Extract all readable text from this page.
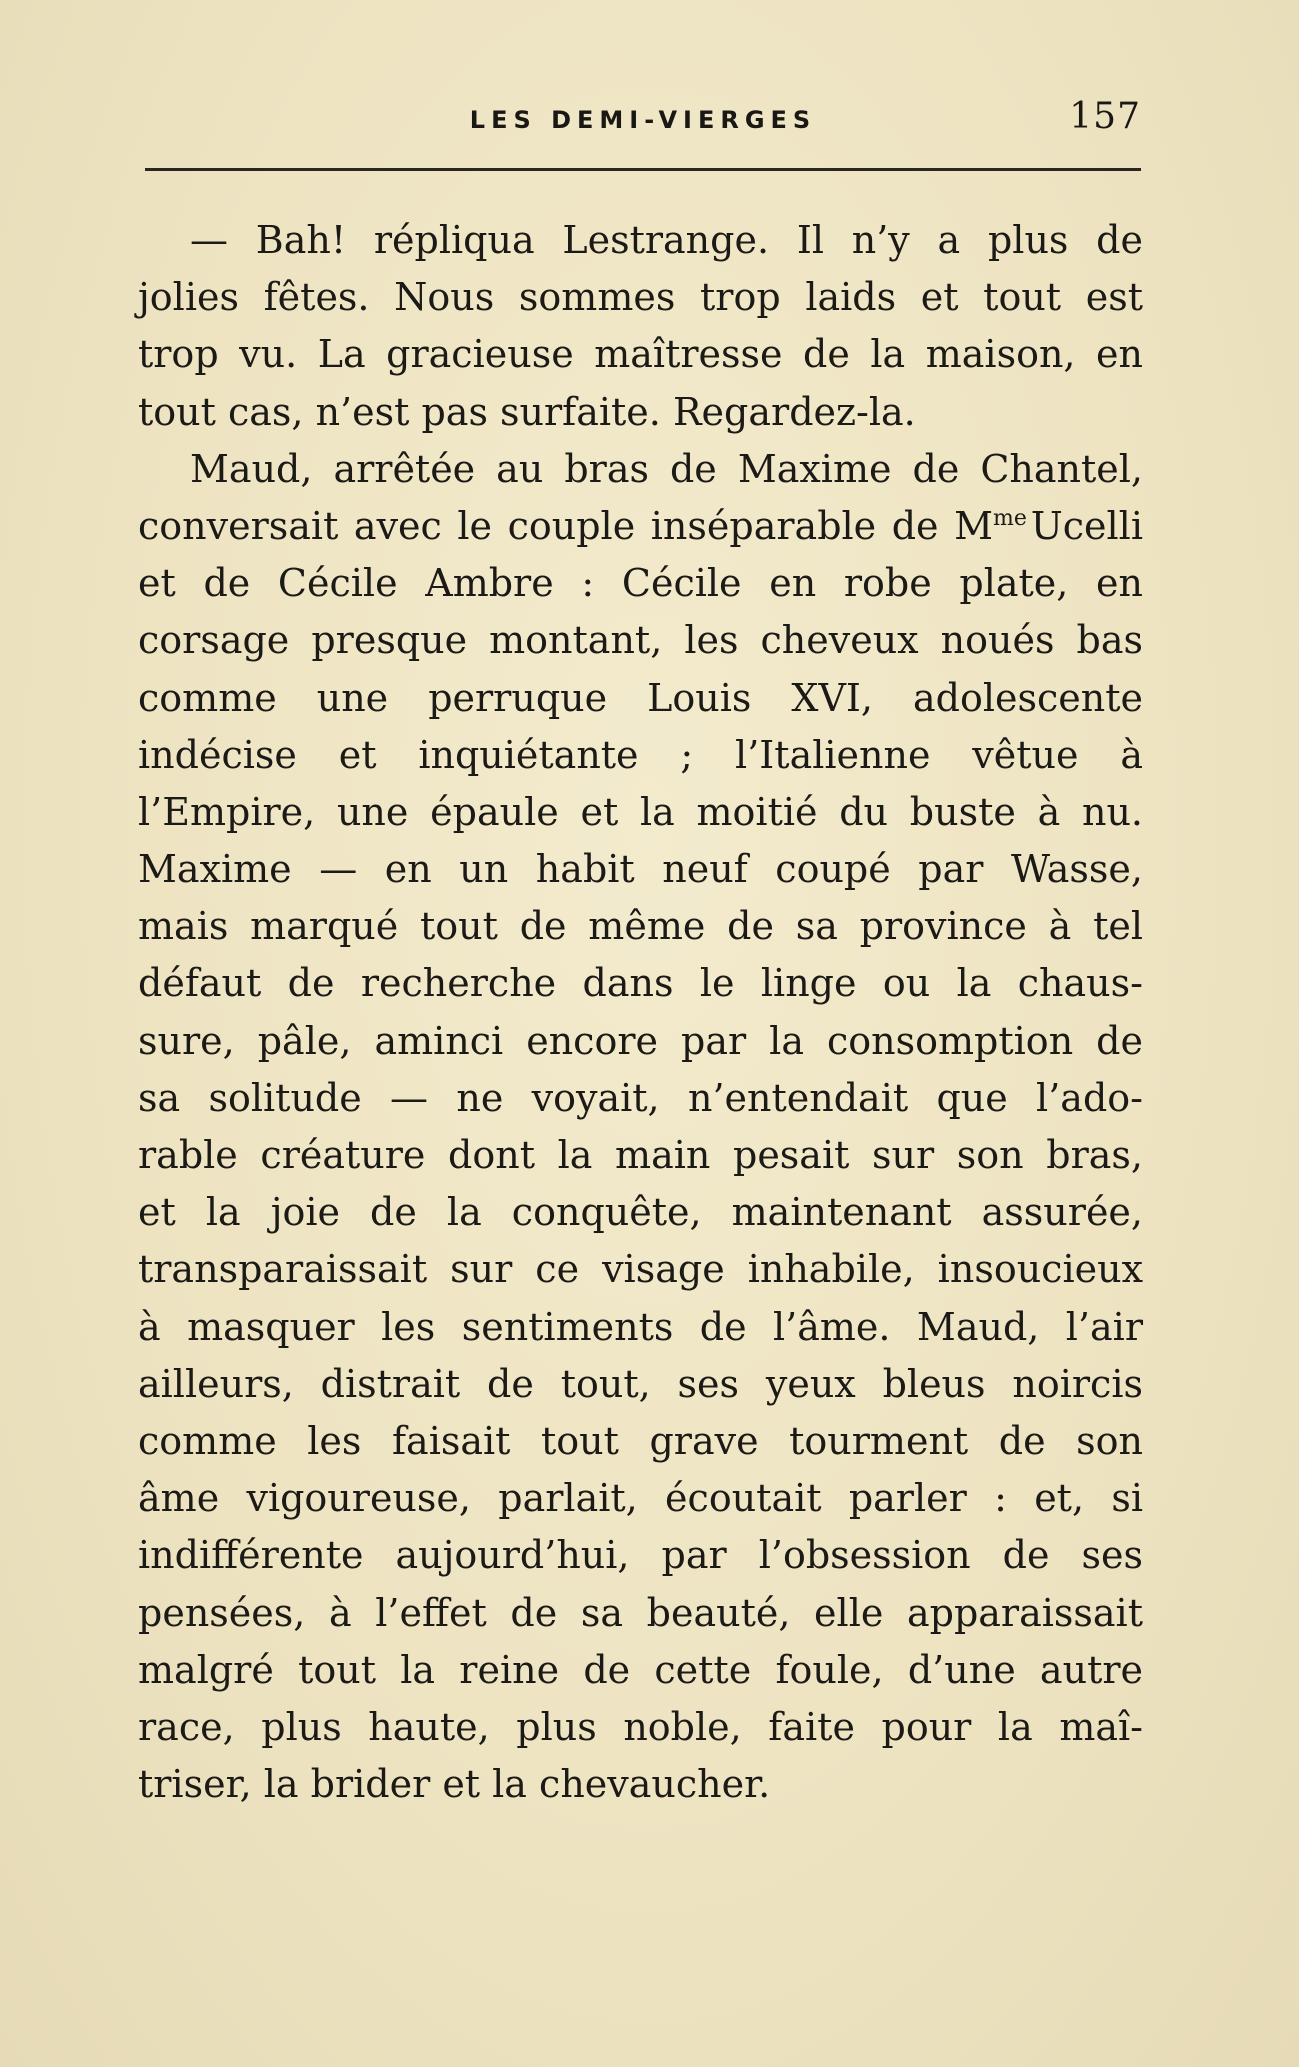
LES DEMI-VIERGES	157
— Bah! répliqua Lestrange. Il n’y a plus de
jolies fêtes. Nous sommes trop laids et tout est
trop vu. La gracieuse maîtresse de la maison, en
tout cas, n’est pas surfaite. Regardez-la.
Maud, arrêtée au bras de Maxime de Chantel,
conversait avec le couple inséparable de $M^{me}$ Ucelli
et de Cécile Ambre : Cécile en robe plate, en
corsage presque montant, les cheveux noués bas
comme une perruque Louis XVI, adolescente
indécise et inquiétante ; l’Italienne vêtue à
l’Empire, une épaule et la moitié du buste à nu.
Maxime — en un habit neuf coupé par Wasse,
mais marqué tout de même de sa province à tel
défaut de recherche dans le linge ou la chaus-
sure, pâle, aminci encore par la consomption de
sa solitude — ne voyait, n’entendait que l’ado-
rable créature dont la main pesait sur son bras,
et la joie de la conquête, maintenant assurée,
transparaissait sur ce visage inhabile, insoucieux
à masquer les sentiments de l’âme. Maud, l’air
ailleurs, distrait de tout, ses yeux bleus noircis
comme les faisait tout grave tourment de son
âme vigoureuse, parlait, écoutait parler : et, si
indifférente aujourd’hui, par l’obsession de ses
pensées, à l’effet de sa beauté, elle apparaissait
malgré tout la reine de cette foule, d’une autre
race, plus haute, plus noble, faite pour la maî-
triser, la brider et la chevaucher.
